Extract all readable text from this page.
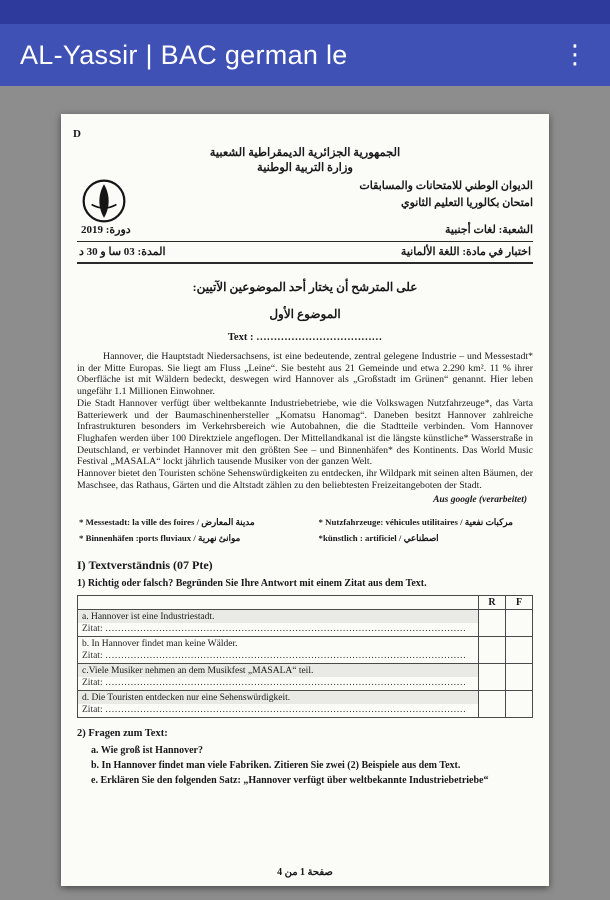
AL-Yassir | BAC german le	⋮
D
الجمهورية الجزائرية الديمقراطية الشعبية
وزارة التربية الوطنية
الديوان الوطني للامتحانات والمسابقات
امتحان بكالوريا التعليم الثانوي
دورة: 2019	الشعبة: لغات أجنبية
المدة: 03 سا و 30 د	اختبار في مادة: اللغة الألمانية
على المترشح أن يختار أحد الموضوعين الآتيين:
الموضوع الأول
Text : ………………………………

Hannover, die Hauptstadt Niedersachsens, ist eine bedeutende, zentral gelegene Industrie – und Messestadt* in der Mitte Europas. Sie liegt am Fluss „Leine“. Sie besteht aus 21 Gemeinde und etwa 2.290 km². 11 % ihrer Oberfläche ist mit Wäldern bedeckt, deswegen wird Hannover als „Großstadt im Grünen“ genannt. Hier leben ungefähr 1.1 Millionen Einwohner.

Die Stadt Hannover verfügt über weltbekannte Industriebetriebe, wie die Volkswagen Nutzfahrzeuge*, das Varta Batteriewerk und der Baumaschinenhersteller „Komatsu Hanomag“. Daneben besitzt Hannover zahlreiche Infrastrukturen besonders im Verkehrsbereich wie Autobahnen, die die Stadtteile verbinden. Vom Hannover Flughafen werden über 100 Direktziele angeflogen. Der Mittellandkanal ist die längste künstliche* Wasserstraße in Deutschland, er verbindet Hannover mit den größten See – und Binnenhäfen* des Kontinents. Das World Music Festival „MASALA“ lockt jährlich tausende Musiker von der ganzen Welt.

Hannover bietet den Touristen schöne Sehenswürdigkeiten zu entdecken, ihr Wildpark mit seinen alten Bäumen, der Maschsee, das Rathaus, Gärten und die Altstadt zählen zu den beliebtesten Freizeitangeboten der Stadt.

Aus google (verarbeitet)
* Messestadt: la ville des foires / مدينة المعارض	* Nutzfahrzeuge: véhicules utilitaires / مركبات نفعية
* Binnenhäfen :ports fluviaux / موانئ نهرية	*künstlich : artificiel / اصطناعي
I) Textverständnis (07 Pte)
1) Richtig oder falsch? Begründen Sie Ihre Antwort mit einem Zitat aus dem Text.
	R	F

a. Hannover ist eine Industriestadt.
Zitat: ……………………………………………………………………………………………………		

b. In Hannover findet man keine Wälder.
Zitat: ……………………………………………………………………………………………………		

c.Viele Musiker nehmen an dem Musikfest „MASALA“ teil.
Zitat: ……………………………………………………………………………………………………		

d. Die Touristen entdecken nur eine Sehenswürdigkeit.
Zitat: ……………………………………………………………………………………………………		

2) Fragen zum Text:
a. Wie groß ist Hannover?
b. In Hannover findet man viele Fabriken. Zitieren Sie zwei (2) Beispiele aus dem Text.
e. Erklären Sie den folgenden Satz: „Hannover verfügt über weltbekannte Industriebetriebe“
صفحة 1 من 4
